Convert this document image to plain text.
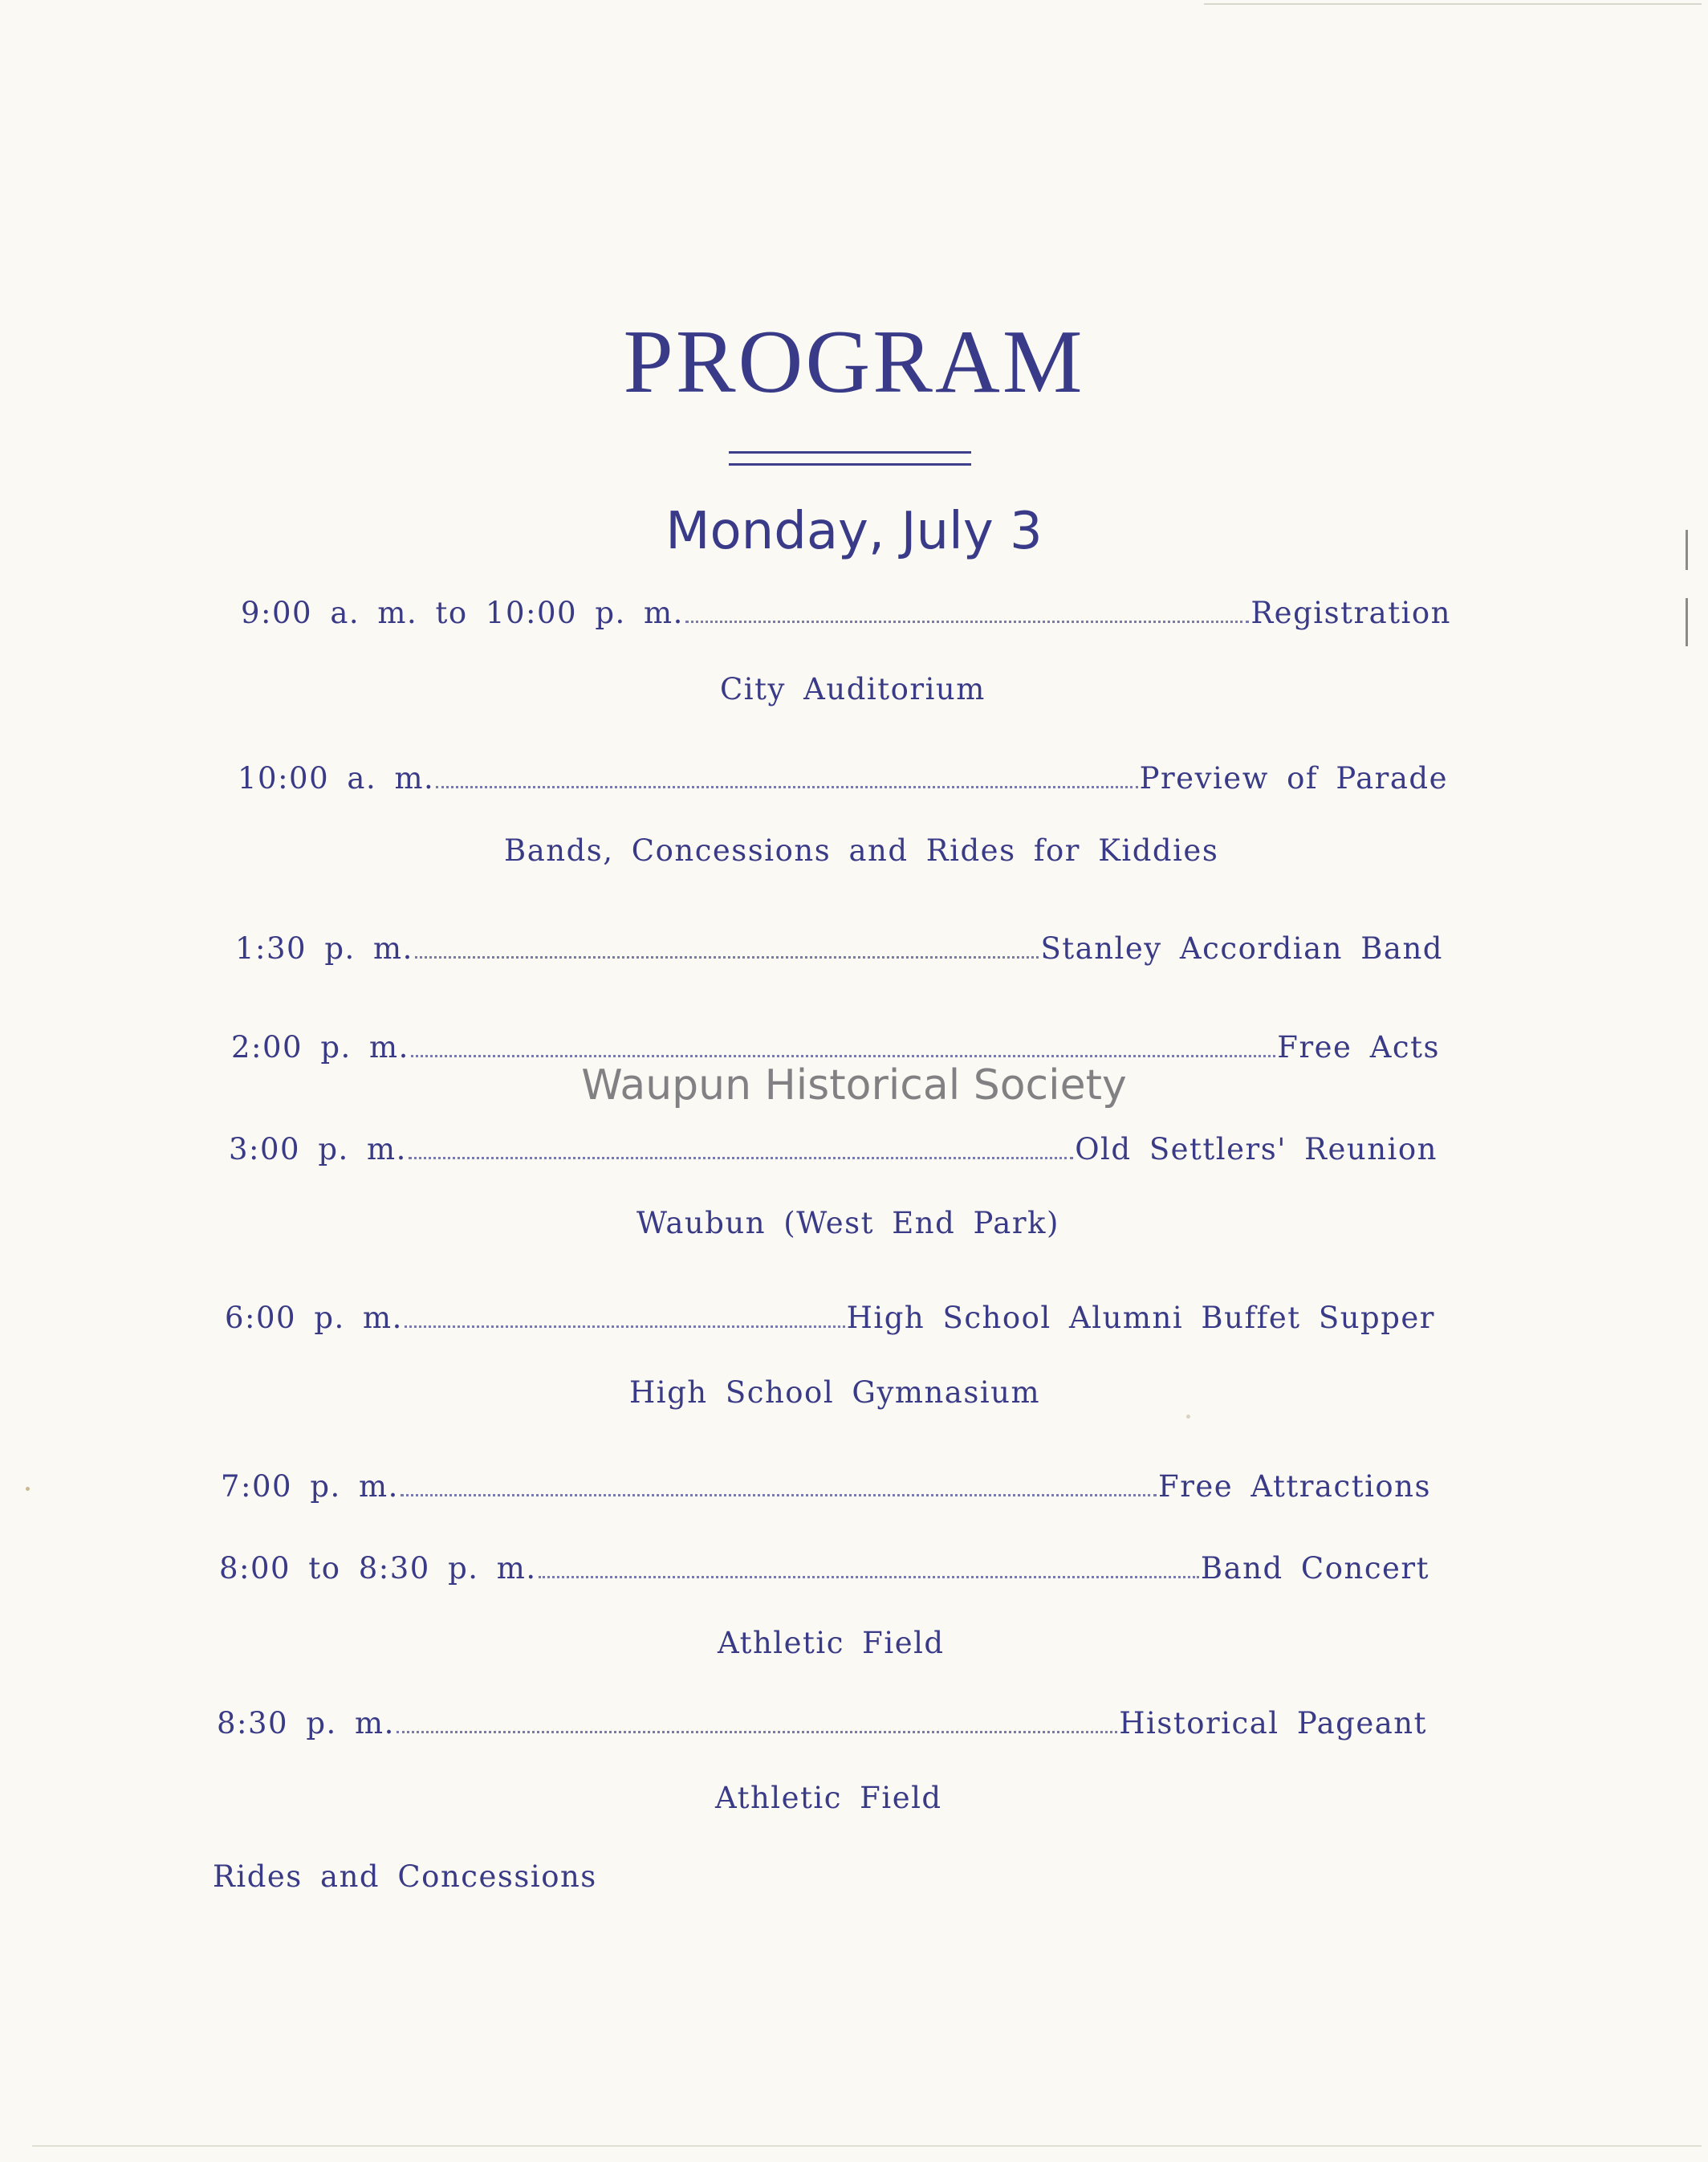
PROGRAM
Monday, July 3
9:00 a. m. to 10:00 p. m.	Registration
City Auditorium
10:00 a. m.	Preview of Parade
Bands, Concessions and Rides for Kiddies
1:30 p. m.	Stanley Accordian Band
2:00 p. m.	Free Acts
3:00 p. m.	Old Settlers' Reunion
Waubun (West End Park)
6:00 p. m.	High School Alumni Buffet Supper
High School Gymnasium
7:00 p. m.	Free Attractions
8:00 to 8:30 p. m.	Band Concert
Athletic Field
8:30 p. m.	Historical Pageant
Athletic Field
Rides and Concessions
Waupun Historical Society
